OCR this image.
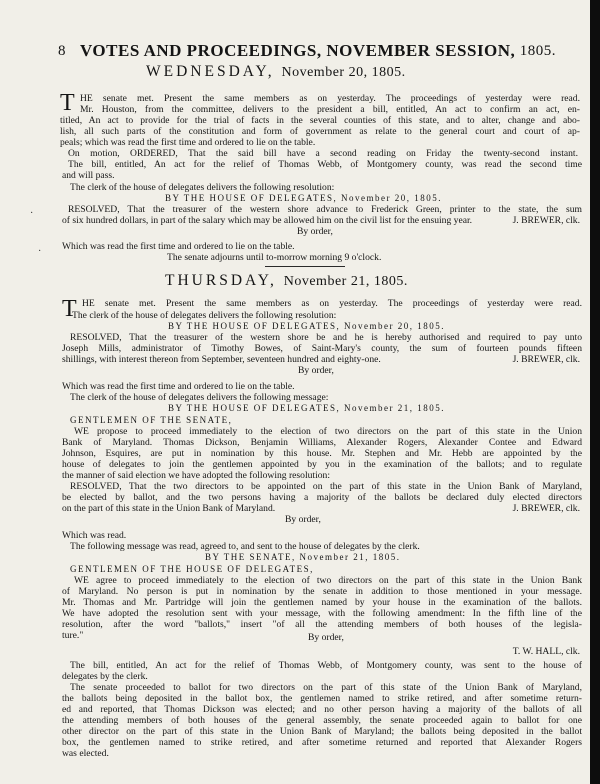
8 VOTES AND PROCEEDINGS, NOVEMBER SESSION, 1805.
WEDNESDAY, November 20, 1805.
T HE senate met. Present the same members as on yesterday. The proceedings of yesterday were read.
Mr. Houston, from the committee, delivers to the president a bill, entitled, An act to confirm an act, en-
titled, An act to provide for the trial of facts in the several counties of this state, and to alter, change and abo-
lish, all such parts of the constitution and form of government as relate to the general court and court of ap-
peals; which was read the first time and ordered to lie on the table.
On motion, ORDERED, That the said bill have a second reading on Friday the twenty-second instant.
The bill, entitled, An act for the relief of Thomas Webb, of Montgomery county, was read the second time
and will pass.
The clerk of the house of delegates delivers the following resolution:
BY THE HOUSE OF DELEGATES, November 20, 1805.
RESOLVED, That the treasurer of the western shore advance to Frederick Green, printer to the state, the sum
of six hundred dollars, in part of the salary which may be allowed him on the civil list for the ensuing year.
By order,
J. BREWER, clk.
Which was read the first time and ordered to lie on the table.
The senate adjourns until to-morrow morning 9 o'clock.
THURSDAY, November 21, 1805.
T HE senate met. Present the same members as on yesterday. The proceedings of yesterday were read.
The clerk of the house of delegates delivers the following resolution:
BY THE HOUSE OF DELEGATES, November 20, 1805.
RESOLVED, That the treasurer of the western shore be and he is hereby authorised and required to pay unto
Joseph Mills, administrator of Timothy Bowes, of Saint-Mary's county, the sum of fourteen pounds fifteen
shillings, with interest thereon from September, seventeen hundred and eighty-one.
By order,
J. BREWER, clk.
Which was read the first time and ordered to lie on the table.
The clerk of the house of delegates delivers the following message:
BY THE HOUSE OF DELEGATES, November 21, 1805.
GENTLEMEN OF THE SENATE,
WE propose to proceed immediately to the election of two directors on the part of this state in the Union
Bank of Maryland. Thomas Dickson, Benjamin Williams, Alexander Rogers, Alexander Contee and Edward
Johnson, Esquires, are put in nomination by this house. Mr. Stephen and Mr. Hebb are appointed by the
house of delegates to join the gentlemen appointed by you in the examination of the ballots; and to regulate
the manner of said election we have adopted the following resolution:
RESOLVED, That the two directors to be appointed on the part of this state in the Union Bank of Maryland,
be elected by ballot, and the two persons having a majority of the ballots be declared duly elected directors
on the part of this state in the Union Bank of Maryland.	J. BREWER, clk.
By order,
Which was read.
The following message was read, agreed to, and sent to the house of delegates by the clerk.
BY THE SENATE, November 21, 1805.
GENTLEMEN OF THE HOUSE OF DELEGATES,
WE agree to proceed immediately to the election of two directors on the part of this state in the Union Bank
of Maryland. No person is put in nomination by the senate in addition to those mentioned in your message.
Mr. Thomas and Mr. Partridge will join the gentlemen named by your house in the examination of the ballots.
We have adopted the resolution sent with your message, with the following amendment: In the fifth line of the
resolution, after the word "ballots," insert "of all the attending members of both houses of the legisla-
ture."	By order,
T. W. HALL, clk.
The bill, entitled, An act for the relief of Thomas Webb, of Montgomery county, was sent to the house of
delegates by the clerk.
The senate proceeded to ballot for two directors on the part of this state of the Union Bank of Maryland,
the ballots being deposited in the ballot box, the gentlemen named to strike retired, and after sometime return-
ed and reported, that Thomas Dickson was elected; and no other person having a majority of the ballots of all
the attending members of both houses of the general assembly, the senate proceeded again to ballot for one
other director on the part of this state in the Union Bank of Maryland; the ballots being deposited in the ballot
box, the gentlemen named to strike retired, and after sometime returned and reported that Alexander Rogers
was elected.
·
·
